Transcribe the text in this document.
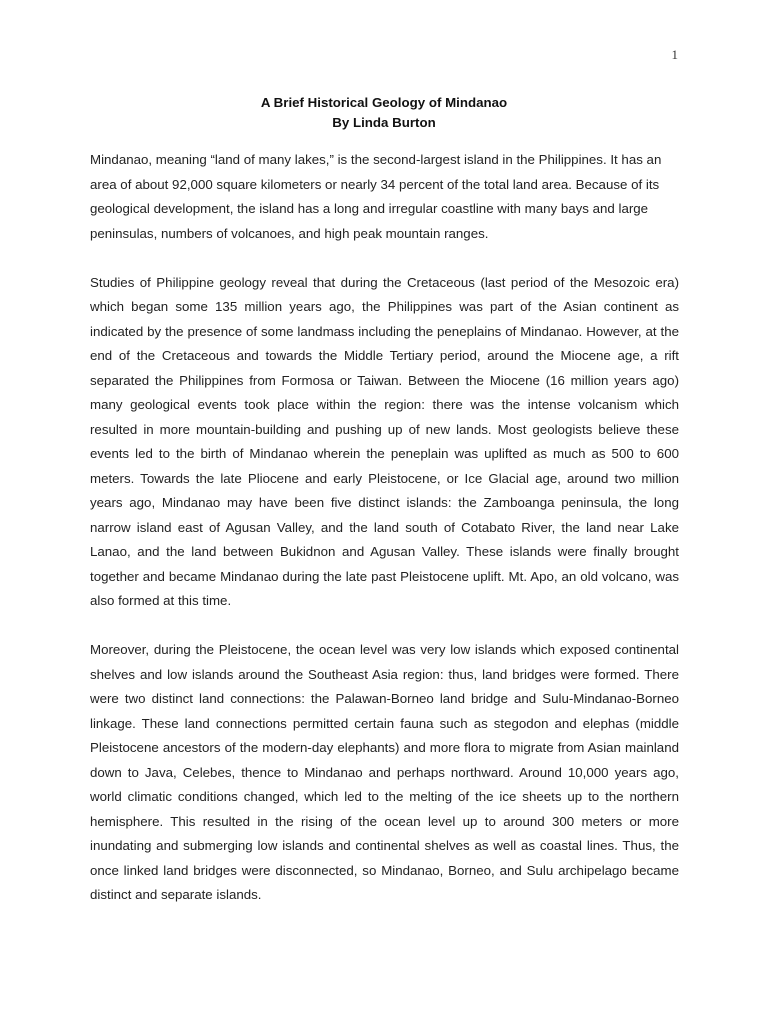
1
A Brief Historical Geology of Mindanao
By Linda Burton

Mindanao, meaning “land of many lakes,” is the second-largest island in the Philippines. It has an area of about 92,000 square kilometers or nearly 34 percent of the total land area. Because of its geological development, the island has a long and irregular coastline with many bays and large peninsulas, numbers of volcanoes, and high peak mountain ranges.

Studies of Philippine geology reveal that during the Cretaceous (last period of the Mesozoic era) which began some 135 million years ago, the Philippines was part of the Asian continent as indicated by the presence of some landmass including the peneplains of Mindanao. However, at the end of the Cretaceous and towards the Middle Tertiary period, around the Miocene age, a rift separated the Philippines from Formosa or Taiwan. Between the Miocene (16 million years ago) many geological events took place within the region: there was the intense volcanism which resulted in more mountain-building and pushing up of new lands. Most geologists believe these events led to the birth of Mindanao wherein the peneplain was uplifted as much as 500 to 600 meters. Towards the late Pliocene and early Pleistocene, or Ice Glacial age, around two million years ago, Mindanao may have been five distinct islands: the Zamboanga peninsula, the long narrow island east of Agusan Valley, and the land south of Cotabato River, the land near Lake Lanao, and the land between Bukidnon and Agusan Valley. These islands were finally brought together and became Mindanao during the late past Pleistocene uplift. Mt. Apo, an old volcano, was also formed at this time.

Moreover, during the Pleistocene, the ocean level was very low islands which exposed continental shelves and low islands around the Southeast Asia region: thus, land bridges were formed. There were two distinct land connections: the Palawan-Borneo land bridge and Sulu-Mindanao-Borneo linkage. These land connections permitted certain fauna such as stegodon and elephas (middle Pleistocene ancestors of the modern-day elephants) and more flora to migrate from Asian mainland down to Java, Celebes, thence to Mindanao and perhaps northward. Around 10,000 years ago, world climatic conditions changed, which led to the melting of the ice sheets up to the northern hemisphere. This resulted in the rising of the ocean level up to around 300 meters or more inundating and submerging low islands and continental shelves as well as coastal lines. Thus, the once linked land bridges were disconnected, so Mindanao, Borneo, and Sulu archipelago became distinct and separate islands.
